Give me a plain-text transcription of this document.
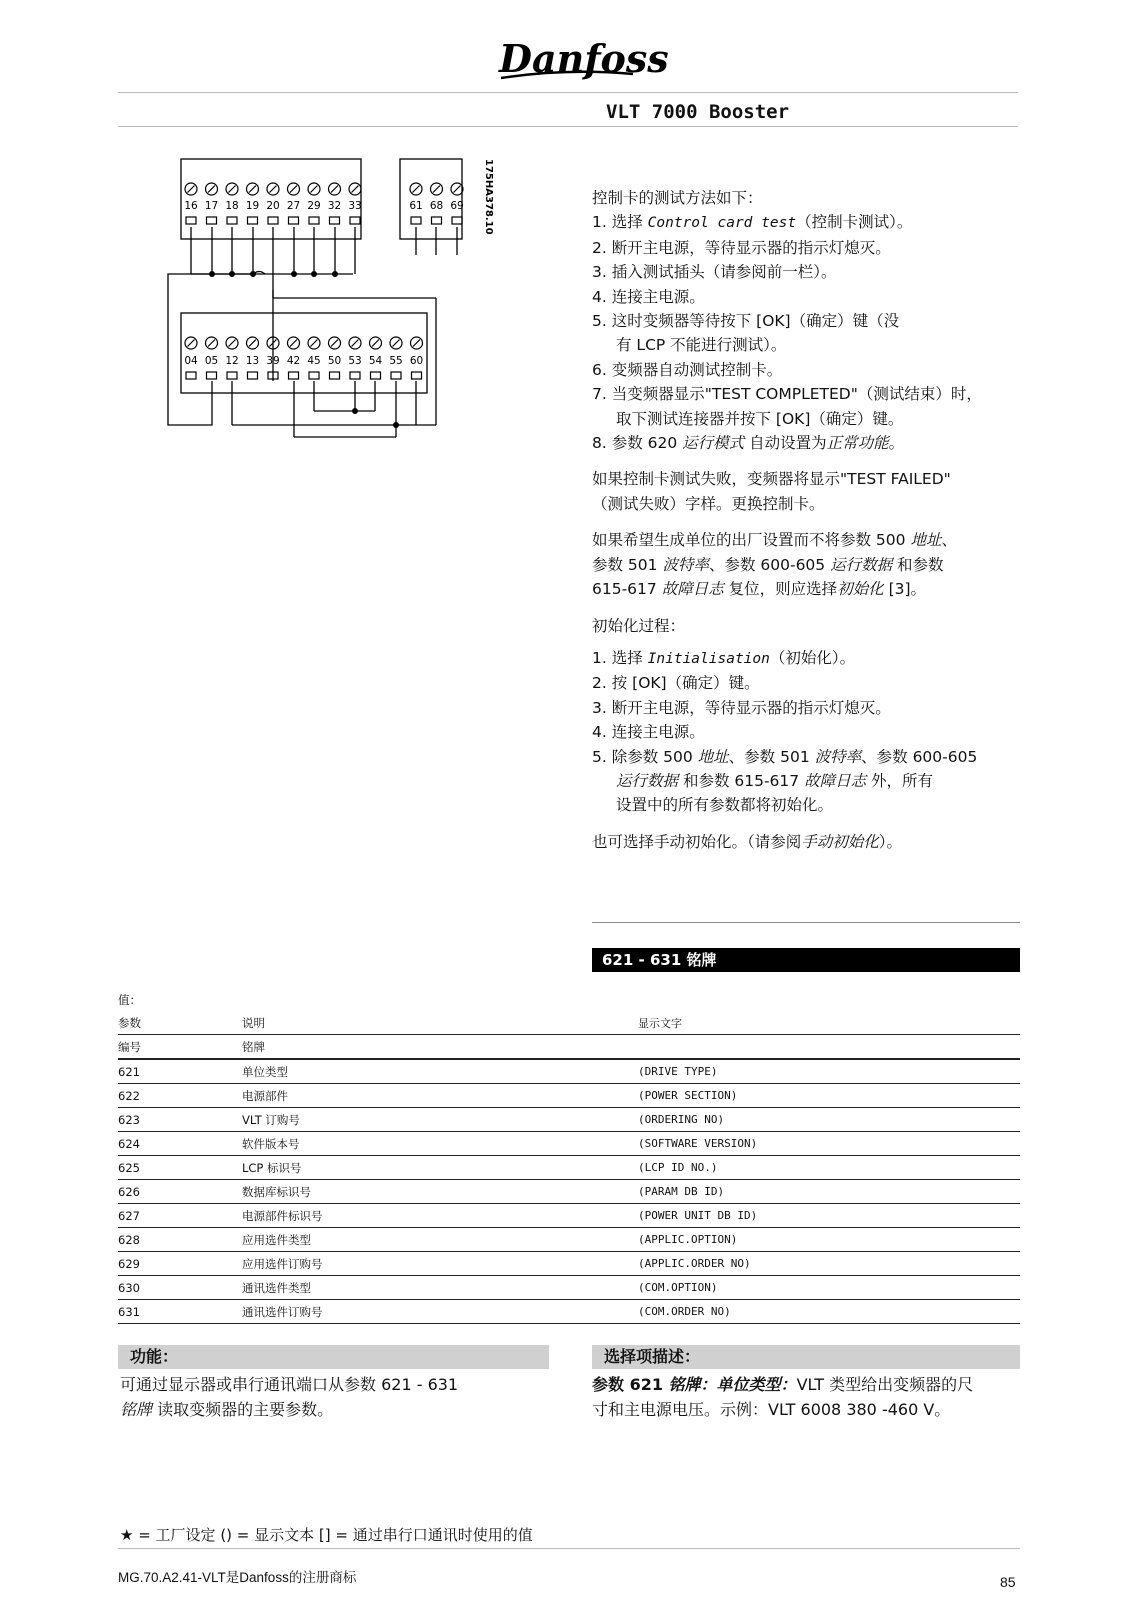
Danfoss
VLT 7000 Booster
16 17 18 19 20 27 29 32 33	61 68 69
04 05 12 13 39 42 45 50 53 54 55 60
175HA378.10	控制卡的测试方法如下：

1. 选择 Control card test（控制卡测试）。

2. 断开主电源，等待显示器的指示灯熄灭。

3. 插入测试插头（请参阅前一栏）。

4. 连接主电源。

5. 这时变频器等待按下 [OK]（确定）键（没

有 LCP 不能进行测试）。

6. 变频器自动测试控制卡。

7. 当变频器显示"TEST COMPLETED"（测试结束）时，

取下测试连接器并按下 [OK]（确定）键。

8. 参数 620 运行模式 自动设置为正常功能。

如果控制卡测试失败，变频器将显示"TEST FAILED"

（测试失败）字样。更换控制卡。

如果希望生成单位的出厂设置而不将参数 500 地址、

参数 501 波特率、参数 600-605 运行数据 和参数

615-617 故障日志 复位，则应选择初始化 [3]。

初始化过程：

1. 选择 Initialisation（初始化）。

2. 按 [OK]（确定）键。

3. 断开主电源，等待显示器的指示灯熄灭。

4. 连接主电源。

5. 除参数 500 地址、参数 501 波特率、参数 600-605

运行数据 和参数 615-617 故障日志 外，所有

设置中的所有参数都将初始化。

也可选择手动初始化。（请参阅手动初始化）。

621 - 631 铭牌
值：		
参数	说明	显示文字
编号	铭牌	
621	单位类型	(DRIVE TYPE)
622	电源部件	(POWER SECTION)
623	VLT 订购号	(ORDERING NO)
624	软件版本号	(SOFTWARE VERSION)
625	LCP 标识号	(LCP ID NO.)
626	数据库标识号	(PARAM DB ID)
627	电源部件标识号	(POWER UNIT DB ID)
628	应用选件类型	(APPLIC.OPTION)
629	应用选件订购号	(APPLIC.ORDER NO)
630	通讯选件类型	(COM.OPTION)
631	通讯选件订购号	(COM.ORDER NO)
功能：	选择项描述：
可通过显示器或串行通讯端口从参数 621 - 631
铭牌 读取变频器的主要参数。
参数 621 铭牌：单位类型：VLT 类型给出变频器的尺
寸和主电源电压。示例：VLT 6008 380 -460 V。
★ = 工厂设定 () = 显示文本 [] = 通过串行口通讯时使用的值
MG.70.A2.41-VLT是Danfoss的注册商标	85
